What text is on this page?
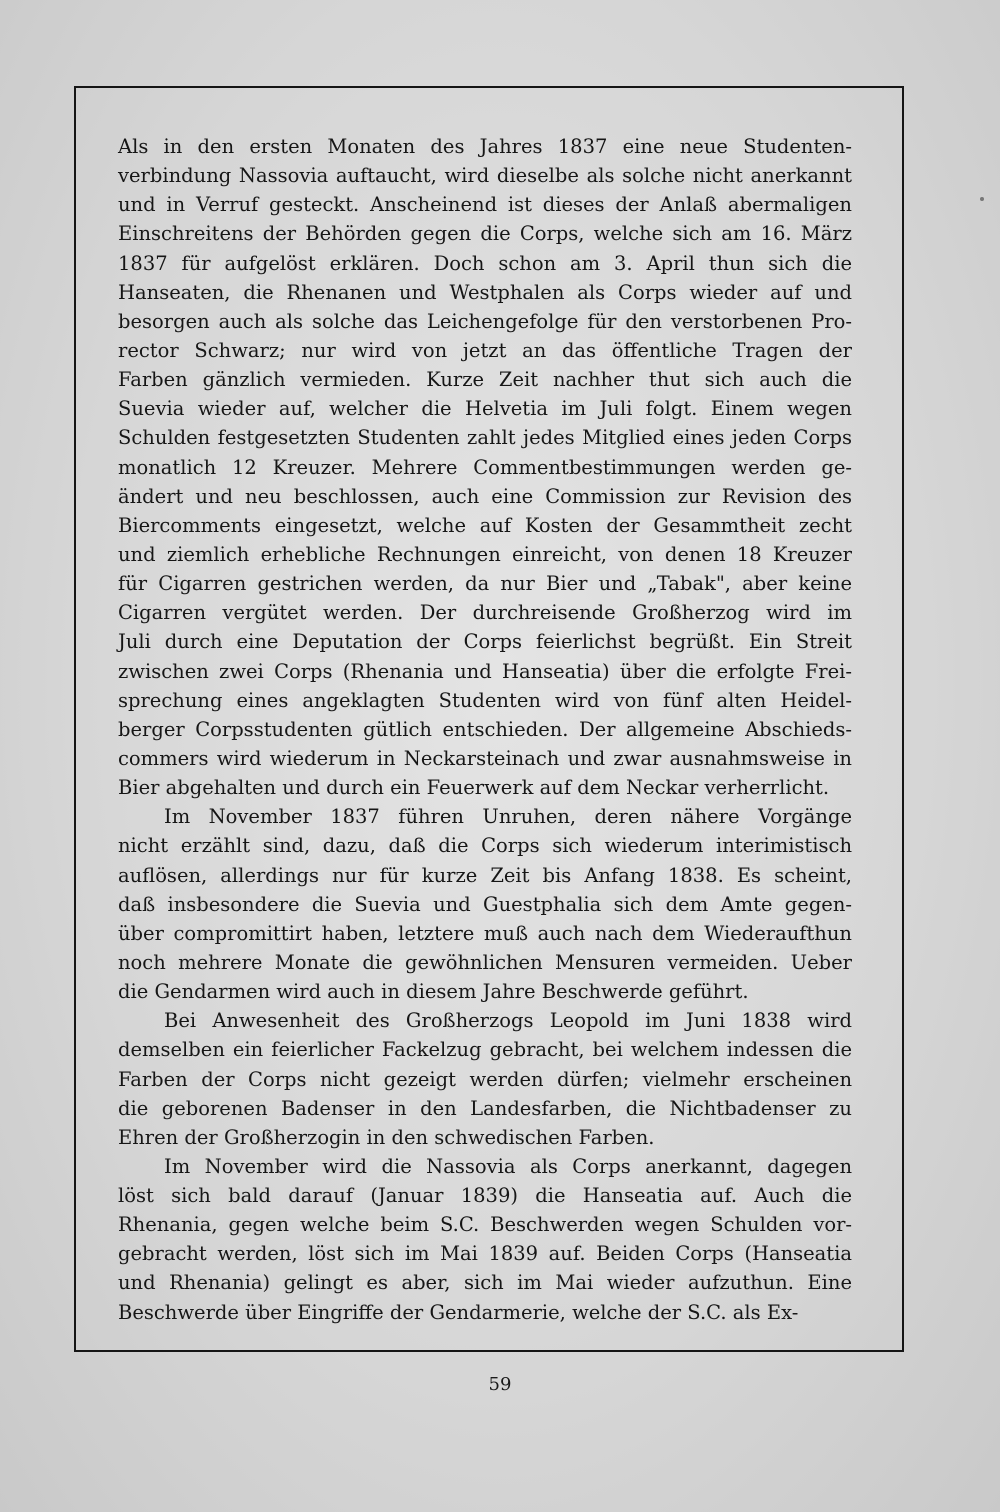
Als in den ersten Monaten des Jahres 1837 eine neue Studenten-
verbindung Nassovia auftaucht, wird dieselbe als solche nicht anerkannt
und in Verruf gesteckt. Anscheinend ist dieses der Anlaß abermaligen
Einschreitens der Behörden gegen die Corps, welche sich am 16. März
1837 für aufgelöst erklären. Doch schon am 3. April thun sich die
Hanseaten, die Rhenanen und Westphalen als Corps wieder auf und
besorgen auch als solche das Leichengefolge für den verstorbenen Pro-
rector Schwarz; nur wird von jetzt an das öffentliche Tragen der
Farben gänzlich vermieden. Kurze Zeit nachher thut sich auch die
Suevia wieder auf, welcher die Helvetia im Juli folgt. Einem wegen
Schulden festgesetzten Studenten zahlt jedes Mitglied eines jeden Corps
monatlich 12 Kreuzer. Mehrere Commentbestimmungen werden ge-
ändert und neu beschlossen, auch eine Commission zur Revision des
Biercomments eingesetzt, welche auf Kosten der Gesammtheit zecht
und ziemlich erhebliche Rechnungen einreicht, von denen 18 Kreuzer
für Cigarren gestrichen werden, da nur Bier und „Tabak", aber keine
Cigarren vergütet werden. Der durchreisende Großherzog wird im
Juli durch eine Deputation der Corps feierlichst begrüßt. Ein Streit
zwischen zwei Corps (Rhenania und Hanseatia) über die erfolgte Frei-
sprechung eines angeklagten Studenten wird von fünf alten Heidel-
berger Corpsstudenten gütlich entschieden. Der allgemeine Abschieds-
commers wird wiederum in Neckarsteinach und zwar ausnahmsweise in
Bier abgehalten und durch ein Feuerwerk auf dem Neckar verherrlicht.
Im November 1837 führen Unruhen, deren nähere Vorgänge
nicht erzählt sind, dazu, daß die Corps sich wiederum interimistisch
auflösen, allerdings nur für kurze Zeit bis Anfang 1838. Es scheint,
daß insbesondere die Suevia und Guestphalia sich dem Amte gegen-
über compromittirt haben, letztere muß auch nach dem Wiederaufthun
noch mehrere Monate die gewöhnlichen Mensuren vermeiden. Ueber
die Gendarmen wird auch in diesem Jahre Beschwerde geführt.
Bei Anwesenheit des Großherzogs Leopold im Juni 1838 wird
demselben ein feierlicher Fackelzug gebracht, bei welchem indessen die
Farben der Corps nicht gezeigt werden dürfen; vielmehr erscheinen
die geborenen Badenser in den Landesfarben, die Nichtbadenser zu
Ehren der Großherzogin in den schwedischen Farben.
Im November wird die Nassovia als Corps anerkannt, dagegen
löst sich bald darauf (Januar 1839) die Hanseatia auf. Auch die
Rhenania, gegen welche beim S.C. Beschwerden wegen Schulden vor-
gebracht werden, löst sich im Mai 1839 auf. Beiden Corps (Hanseatia
und Rhenania) gelingt es aber, sich im Mai wieder aufzuthun. Eine
Beschwerde über Eingriffe der Gendarmerie, welche der S.C. als Ex-
59
